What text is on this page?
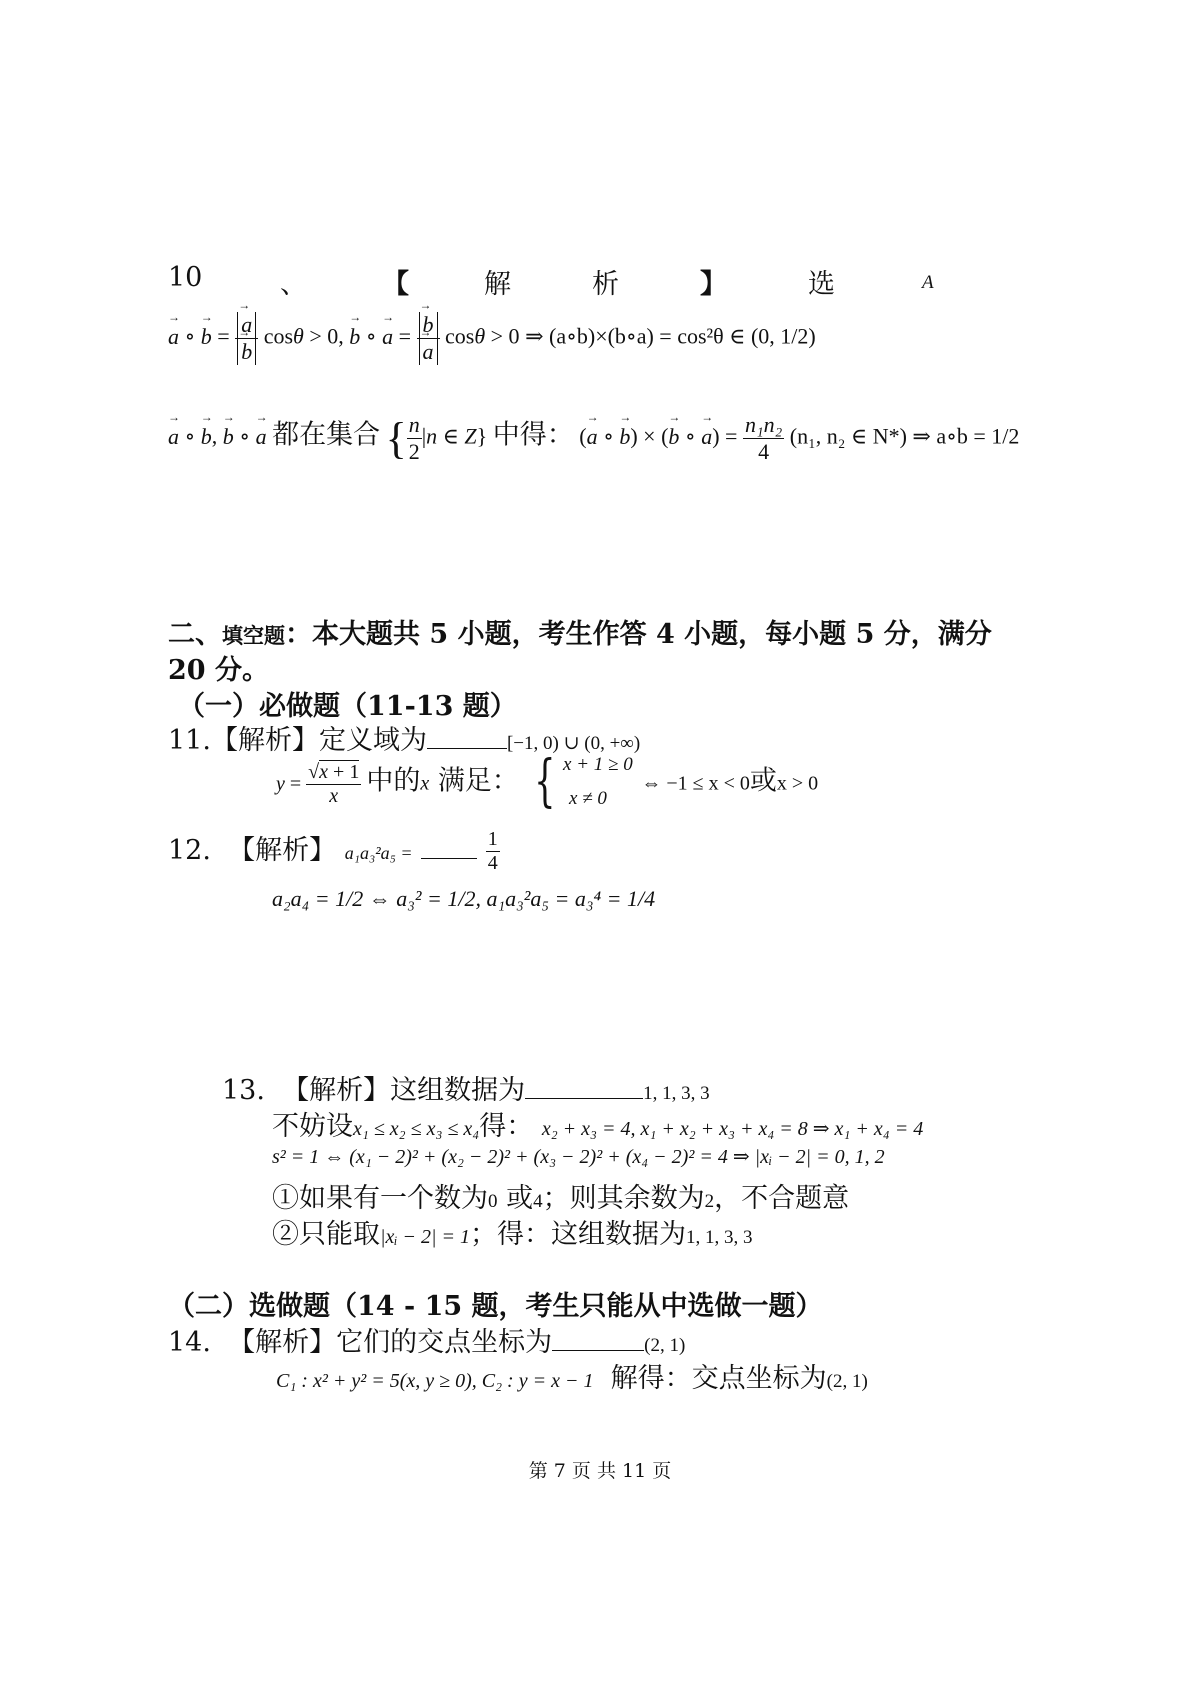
10	、	【	解	析	】	选	A
→ a ∘ → b = → a
→ b cosθ > 0, → b ∘ → a = → b
→ a cosθ > 0 ⇒ (a∘b)×(b∘a) = cos²θ ∈ (0, 1/2)
→ a ∘ → b, → b ∘ → a 都在集合 { $\frac{n}{2} |n$ ∈ Z} 中得： (→ a ∘ → b) × (→ b ∘ → $a) = \frac{\text{n₁n₂}}{4} (n_1$, n₂ ∈ N*) ⇒ a∘b = 1/2
二、填空题：本大题共 5 小题，考生作答 4 小题，每小题 5 分，满分
20 分。
（一）必做题（11-13 题）
11.【解析】定义域为	[−1, 0) ∪ (0, +∞)
$y = \frac{√x + 1}{x}$ 中的x 满足： { x + 1 ≥ 0
x ≠ 0
⇔ −1 ≤ x < 0或x > 0
12. 【解析】 a₁a₃²a₅ =	$\frac{1}{4}$
a₂a₄ = 1/2 ⇔ a₃² = 1/2, a₁a₃²a₅ = a₃⁴ = 1/4
13. 【解析】这组数据为	1, 1, 3, 3
不妨设x₁ ≤ x₂ ≤ x₃ ≤ x₄得： x₂ + x₃ = 4, x₁ + x₂ + x₃ + x₄ = 8 ⇒ x₁ + x₄ = 4
s² = 1 ⇔ (x₁ − 2)² + (x₂ − 2)² + (x₃ − 2)² + (x₄ − 2)² = 4 ⇒ |xᵢ − 2| = 0, 1, 2
①如果有一个数为0 或4；则其余数为2，不合题意
②只能取|xᵢ − 2| = 1；得：这组数据为1, 1, 3, 3
（二）选做题（14 - 15 题，考生只能从中选做一题）
14. 【解析】它们的交点坐标为	(2, 1)
C₁ : x² + y² = 5(x, y ≥ 0), C₂ : y = x − 1 解得：交点坐标为(2, 1)
第 7 页 共 11 页
